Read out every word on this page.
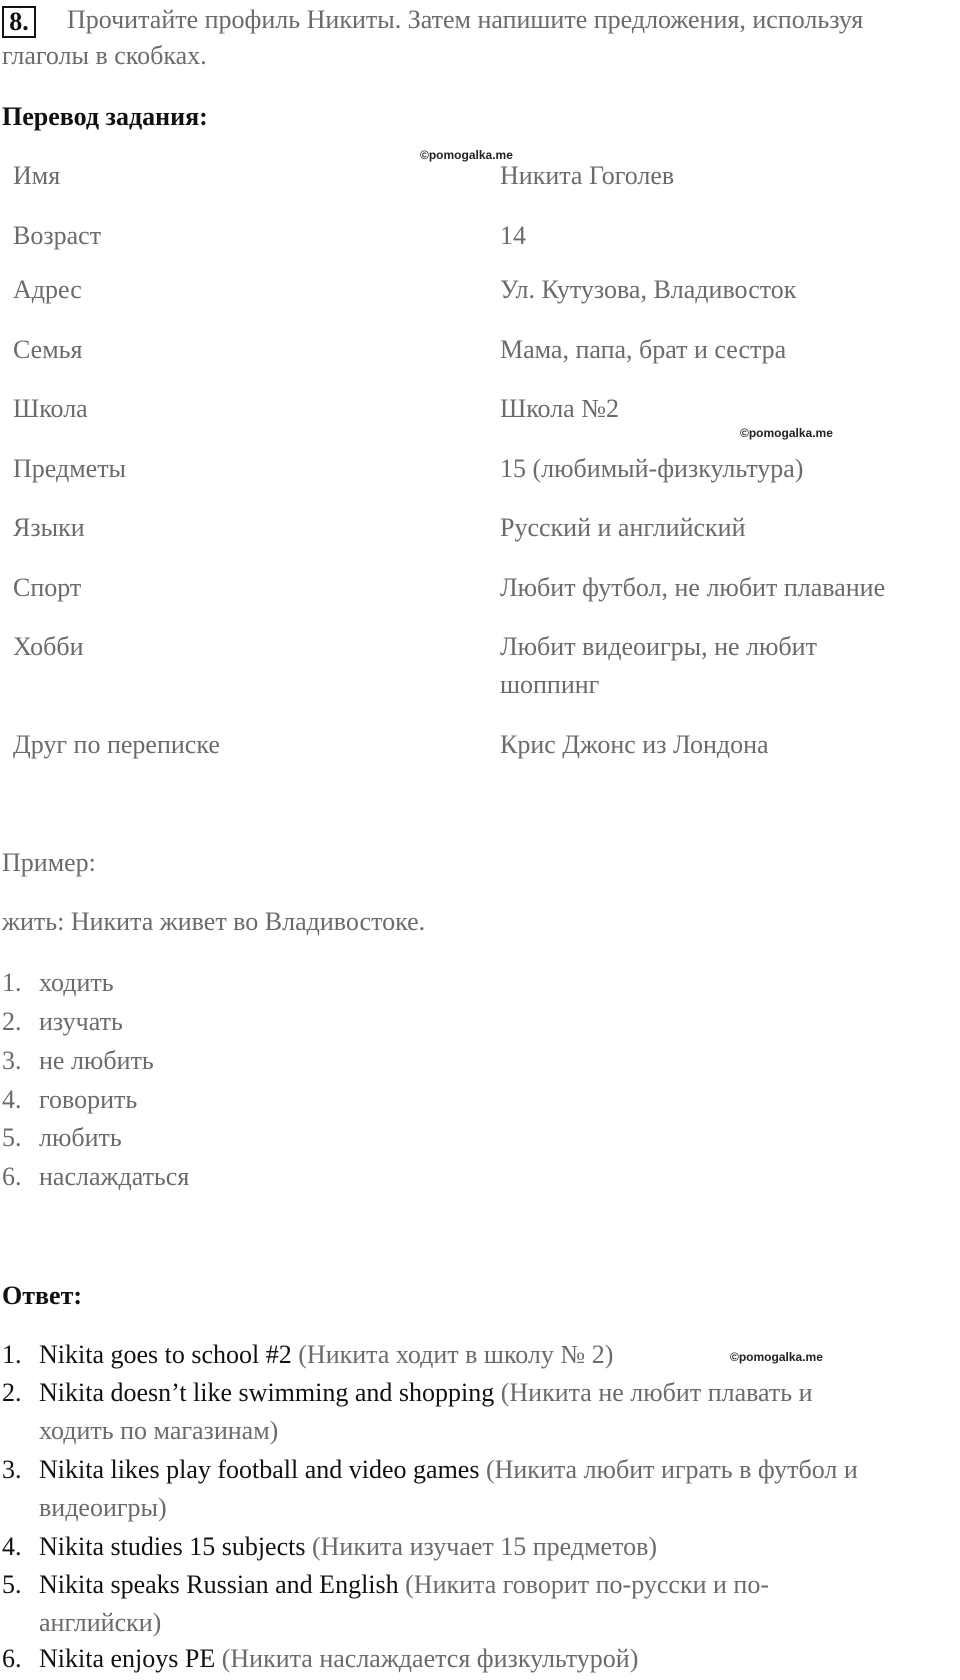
8. Прочитайте профиль Никиты. Затем напишите предложения, используя
глаголы в скобках.
Перевод задания:
©pomogalka.me
©pomogalka.me
©pomogalka.me
Имя	Никита Гоголев
Возраст	14
Адрес	Ул. Кутузова, Владивосток
Семья	Мама, папа, брат и сестра
Школа	Школа №2
Предметы	15 (любимый-физкультура)
Языки	Русский и английский
Спорт	Любит футбол, не любит плавание
Хобби	Любит видеоигры, не любит шоппинг
Друг по переписке	Крис Джонс из Лондона
Пример:
жить: Никита живет во Владивостоке.
1. ходить
2. изучать
3. не любить
4. говорить
5. любить
6. наслаждаться
Ответ:
1. Nikita goes to school #2 (Никита ходит в школу № 2)
2. Nikita doesn’t like swimming and shopping (Никита не любит плавать и
ходить по магазинам)
3. Nikita likes play football and video games (Никита любит играть в футбол и
видеоигры)
4. Nikita studies 15 subjects (Никита изучает 15 предметов)
5. Nikita speaks Russian and English (Никита говорит по-русски и по-
английски)
6. Nikita enjoys PE (Никита наслаждается физкультурой)
